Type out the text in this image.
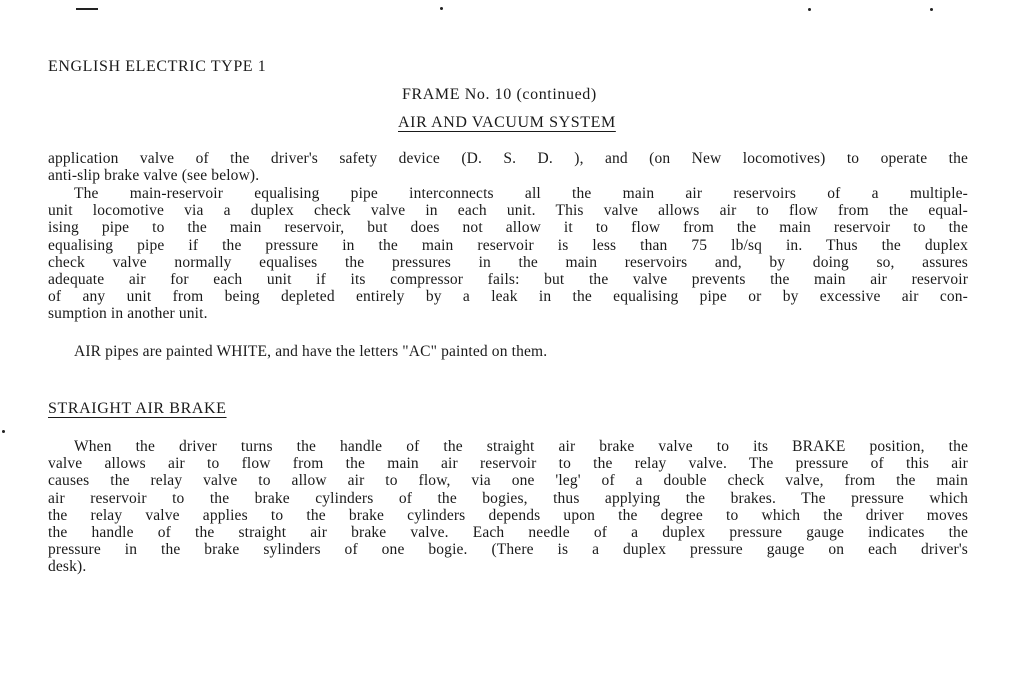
ENGLISH ELECTRIC TYPE 1
FRAME No. 10 (continued)
AIR AND VACUUM SYSTEM
application valve of the driver's safety device (D. S. D. ), and (on New locomotives) to operate the
anti-slip brake valve (see below).
The main-reservoir equalising pipe interconnects all the main air reservoirs of a multiple-
unit locomotive via a duplex check valve in each unit. This valve allows air to flow from the equal-
ising pipe to the main reservoir, but does not allow it to flow from the main reservoir to the
equalising pipe if the pressure in the main reservoir is less than 75 lb/sq in. Thus the duplex
check valve normally equalises the pressures in the main reservoirs and, by doing so, assures
adequate air for each unit if its compressor fails: but the valve prevents the main air reservoir
of any unit from being depleted entirely by a leak in the equalising pipe or by excessive air con-
sumption in another unit.
AIR pipes are painted WHITE, and have the letters "AC" painted on them.
STRAIGHT AIR BRAKE
When the driver turns the handle of the straight air brake valve to its BRAKE position, the
valve allows air to flow from the main air reservoir to the relay valve. The pressure of this air
causes the relay valve to allow air to flow, via one 'leg' of a double check valve, from the main
air reservoir to the brake cylinders of the bogies, thus applying the brakes. The pressure which
the relay valve applies to the brake cylinders depends upon the degree to which the driver moves
the handle of the straight air brake valve. Each needle of a duplex pressure gauge indicates the
pressure in the brake sylinders of one bogie. (There is a duplex pressure gauge on each driver's
desk).
